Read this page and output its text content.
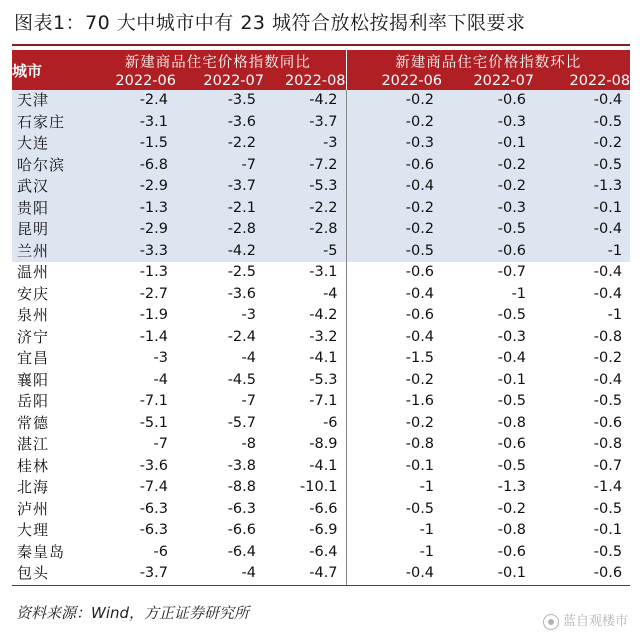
图表1：70 大中城市中有 23 城符合放松按揭利率下限要求
城市	新建商品住宅价格指数同比			新建商品住宅价格指数环比		
	2022-06	2022-07	2022-08	2022-06	2022-07	2022-08
天津	-2.4	-3.5	-4.2	-0.2	-0.6	-0.4
石家庄	-3.1	-3.6	-3.7	-0.2	-0.3	-0.5
大连	-1.5	-2.2	-3	-0.3	-0.1	-0.2
哈尔滨	-6.8	-7	-7.2	-0.6	-0.2	-0.5
武汉	-2.9	-3.7	-5.3	-0.4	-0.2	-1.3
贵阳	-1.3	-2.1	-2.2	-0.2	-0.3	-0.1
昆明	-2.9	-2.8	-2.8	-0.2	-0.5	-0.4
兰州	-3.3	-4.2	-5	-0.5	-0.6	-1
温州	-1.3	-2.5	-3.1	-0.6	-0.7	-0.4
安庆	-2.7	-3.6	-4	-0.4	-1	-0.4
泉州	-1.9	-3	-4.2	-0.6	-0.5	-1
济宁	-1.4	-2.4	-3.2	-0.4	-0.3	-0.8
宜昌	-3	-4	-4.1	-1.5	-0.4	-0.2
襄阳	-4	-4.5	-5.3	-0.2	-0.1	-0.4
岳阳	-7.1	-7	-7.1	-1.6	-0.5	-0.5
常德	-5.1	-5.7	-6	-0.2	-0.8	-0.6
湛江	-7	-8	-8.9	-0.8	-0.6	-0.8
桂林	-3.6	-3.8	-4.1	-0.1	-0.5	-0.7
北海	-7.4	-8.8	-10.1	-1	-1.3	-1.4
泸州	-6.3	-6.3	-6.6	-0.5	-0.2	-0.5
大理	-6.3	-6.6	-6.9	-1	-0.8	-0.1
秦皇岛	-6	-6.4	-6.4	-1	-0.6	-0.5
包头	-3.7	-4	-4.7	-0.4	-0.1	-0.6
资料来源：Wind，方正证券研究所	蓝自观楼市
